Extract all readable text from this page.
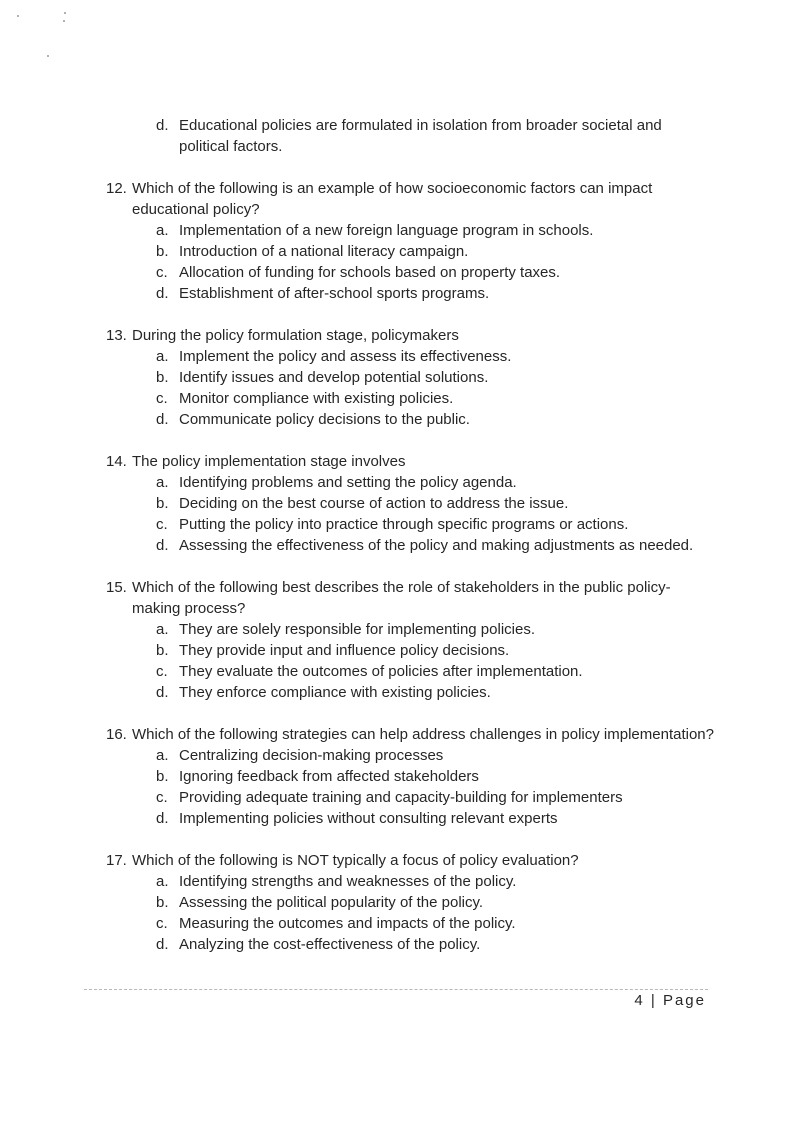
d. Educational policies are formulated in isolation from broader societal and political factors.
12. Which of the following is an example of how socioeconomic factors can impact educational policy?
a. Implementation of a new foreign language program in schools.
b. Introduction of a national literacy campaign.
c. Allocation of funding for schools based on property taxes.
d. Establishment of after-school sports programs.
13. During the policy formulation stage, policymakers
a. Implement the policy and assess its effectiveness.
b. Identify issues and develop potential solutions.
c. Monitor compliance with existing policies.
d. Communicate policy decisions to the public.
14. The policy implementation stage involves
a. Identifying problems and setting the policy agenda.
b. Deciding on the best course of action to address the issue.
c. Putting the policy into practice through specific programs or actions.
d. Assessing the effectiveness of the policy and making adjustments as needed.
15. Which of the following best describes the role of stakeholders in the public policy-making process?
a. They are solely responsible for implementing policies.
b. They provide input and influence policy decisions.
c. They evaluate the outcomes of policies after implementation.
d. They enforce compliance with existing policies.
16. Which of the following strategies can help address challenges in policy implementation?
a. Centralizing decision-making processes
b. Ignoring feedback from affected stakeholders
c. Providing adequate training and capacity-building for implementers
d. Implementing policies without consulting relevant experts
17. Which of the following is NOT typically a focus of policy evaluation?
a. Identifying strengths and weaknesses of the policy.
b. Assessing the political popularity of the policy.
c. Measuring the outcomes and impacts of the policy.
d. Analyzing the cost-effectiveness of the policy.
4 | Page
